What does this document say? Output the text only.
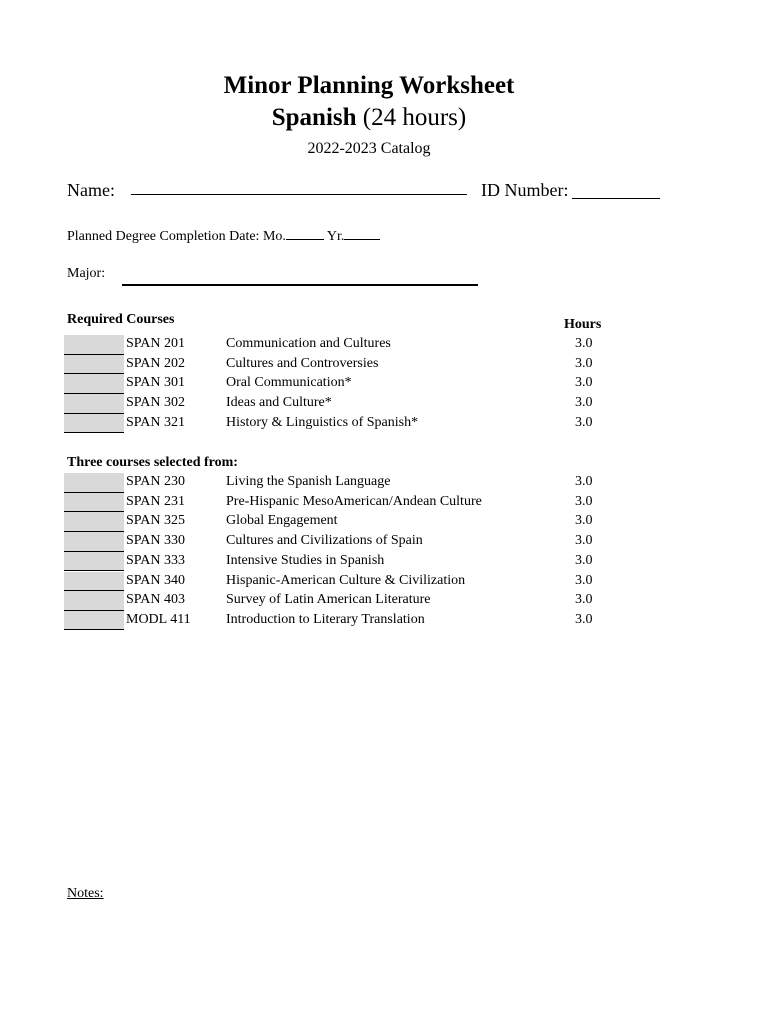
Minor Planning Worksheet
Spanish (24 hours)
2022-2023 Catalog
Name:	ID Number:
Planned Degree Completion Date: Mo.	Yr.
Major:
Required Courses	Hours
SPAN 201	Communication and Cultures	3.0
SPAN 202	Cultures and Controversies	3.0
SPAN 301	Oral Communication*	3.0
SPAN 302	Ideas and Culture*	3.0
SPAN 321	History & Linguistics of Spanish*	3.0
Three courses selected from:
SPAN 230	Living the Spanish Language	3.0
SPAN 231	Pre-Hispanic MesoAmerican/Andean Culture	3.0
SPAN 325	Global Engagement	3.0
SPAN 330	Cultures and Civilizations of Spain	3.0
SPAN 333	Intensive Studies in Spanish	3.0
SPAN 340	Hispanic-American Culture & Civilization	3.0
SPAN 403	Survey of Latin American Literature	3.0
MODL 411	Introduction to Literary Translation	3.0
Notes:
